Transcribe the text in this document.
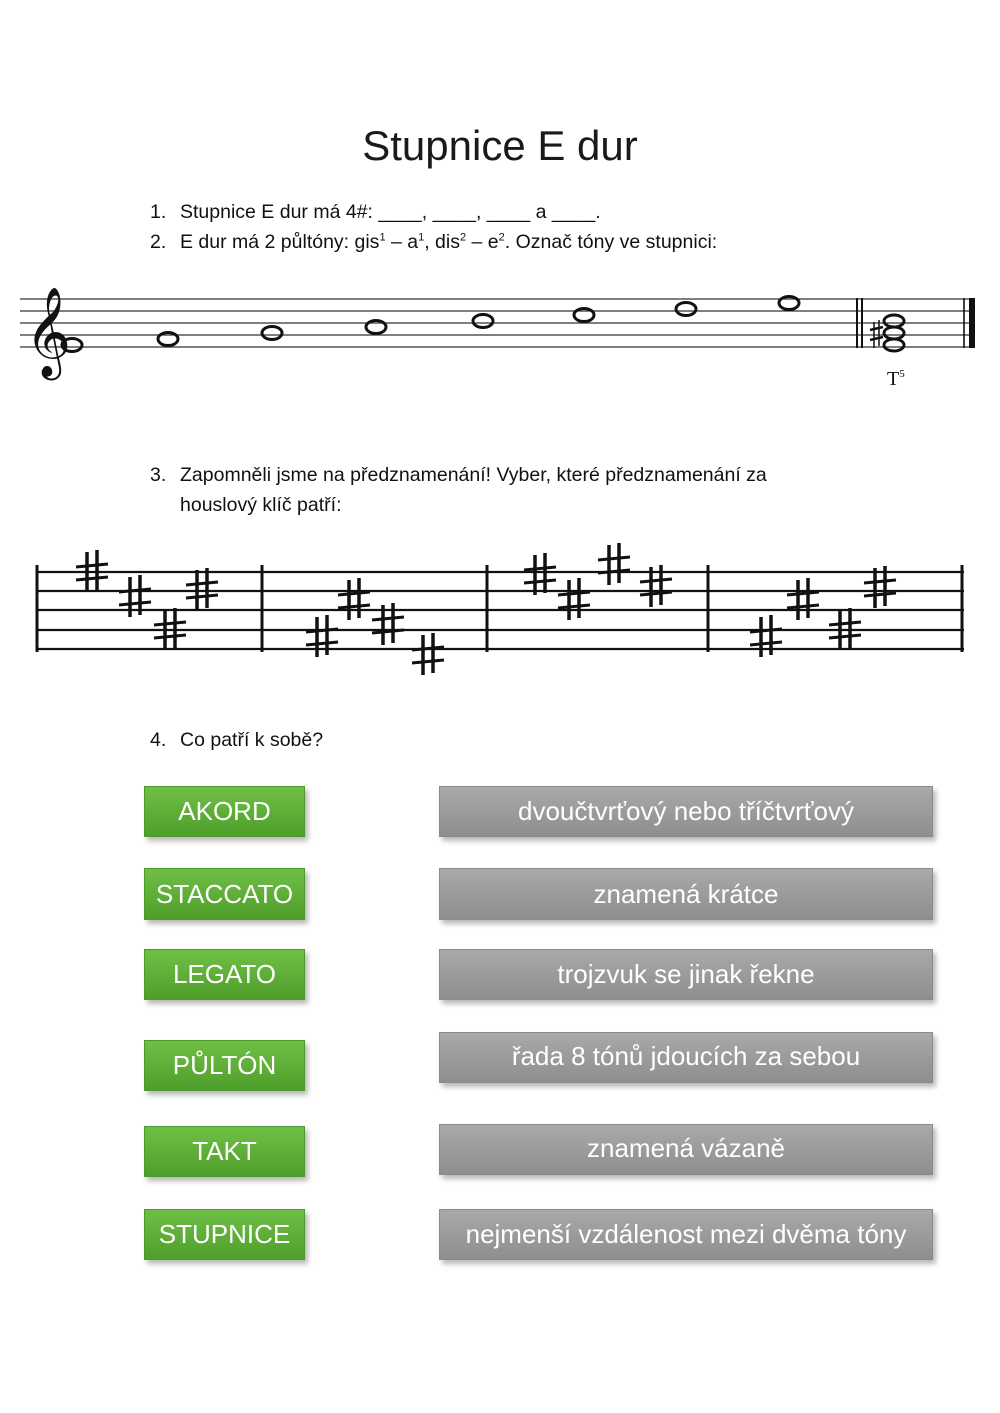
Stupnice E dur
1. Stupnice E dur má 4#: ____, ____, ____ a ____.
2. E dur má 2 půltóny: $gis^1 - a^1$, $dis^2 - e^2$. Označ tóny ve stupnici:
𝄞
$T^5$
3. Zapomněli jsme na předznamenání! Vyber, které předznamenání za
houslový klíč patří:
4. Co patří k sobě?
AKORD
STACCATO
LEGATO
PŮLTÓN
TAKT
STUPNICE
dvoučtvrťový nebo tříčtvrťový
znamená krátce
trojzvuk se jinak řekne
řada 8 tónů jdoucích za sebou
znamená vázaně
nejmenší vzdálenost mezi dvěma tóny
